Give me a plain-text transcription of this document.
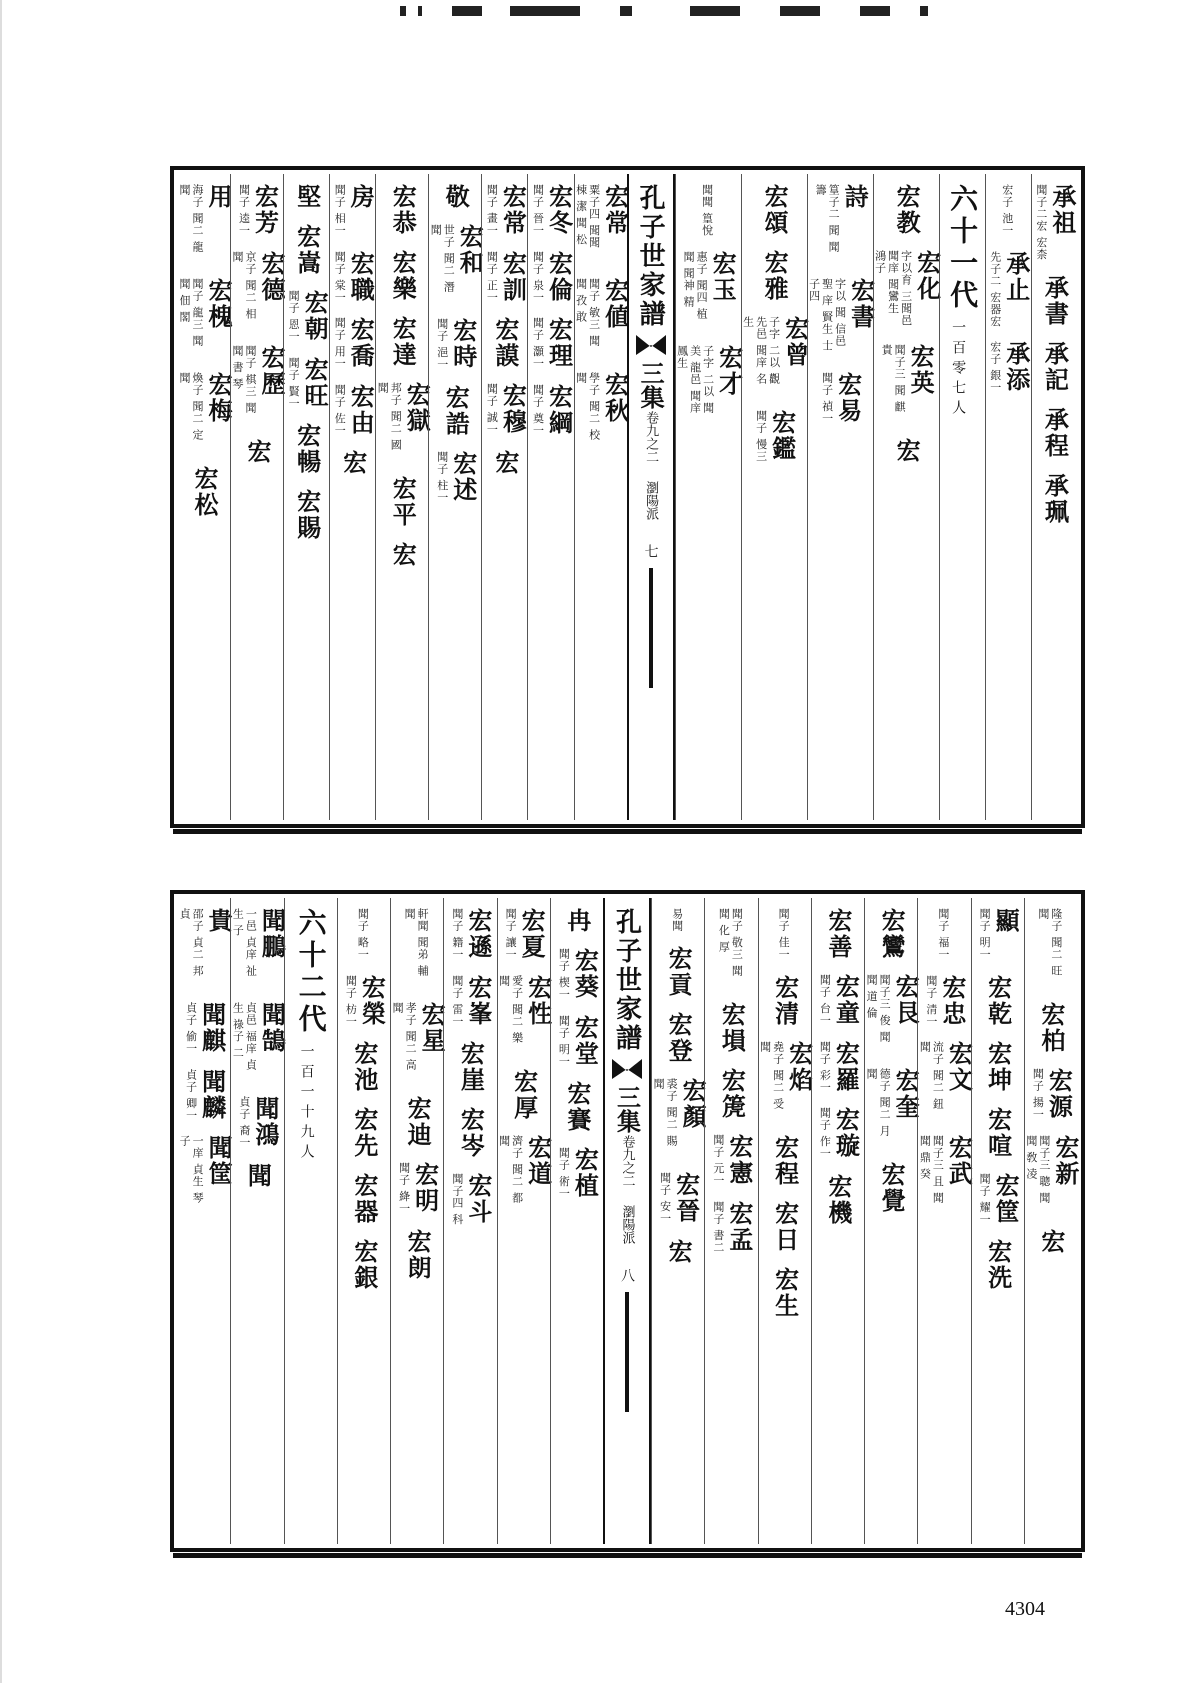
承祖
聞子二宏 宏柰
承書
承記
承程
承珮
宏子 池一
承止
先子二 宏器宏
承添
宏子 銀一
六十一代
一百零七人
宏教
宏化
字以育 三聞邑 聞庠 聞鸞生 鴻子
宏英
聞子三 聞 麒貴
宏
詩
篁子二 聞 聞 籌
宏書
字以 聞 信邑 聖 庠 賢生 士 子四
宏易
聞子 禎一
宏頌
宏雅
宏曾
子字 二以 觀 先邑 聞庠 名生
宏鑑
聞子 慢三
聞聞 篁悅
宏玉
惠子 聞四 植聞 聞神 精
宏才
子字 二以 聞美 龍邑 聞庠 鳳生
孔子世家譜
三集
卷九之二
瀏陽派
七
宏常
粟子四 聞聞 棟 潔 聞 松
宏値
聞子 敏三 聞 聞 孜 敢
宏秋
學子 聞二 校 聞
宏冬
聞子 晉一
宏倫
聞子 泉一
宏理
聞子 灝一
宏綱
聞子 奠一
宏常
聞子 畫一
宏訓
聞子 正一
宏謨
宏穆
聞子 誠一
宏
敬
宏和
世子 聞二 潛 聞
宏時
聞子 浥一
宏誥
宏述
聞子 柱一
宏恭
宏樂
宏達
宏獄
邦子 聞二 國 聞
宏平
宏
房
聞子 相一
宏職
聞子 棠一
宏喬
聞子 用一
宏由
聞子 佐一
宏
堅
宏嵩
宏朝
聞子 恩一
宏旺
聞子 賢一
宏暢
宏賜
宏芳
聞子 逵一
宏德
京子 聞二 相 聞
宏歷
聞子 棋三 聞 聞 書 琴
宏
用
海子 聞二 龍 聞
宏槐
聞子 龍三 聞 聞 佃 閣
宏梅
煥子 聞二 定 聞
宏松
隆子 聞二 旺 聞
宏柏
宏源
聞子 揚一
宏新
聞子三 聰 聞 聞 敎 凌
宏
顯
聞子 明一
宏乾
宏坤
宏喧
宏筐
聞子 耀一
宏洗
聞子 福一
宏忠
聞子 清一
宏文
流子 聞二 鈕 聞
宏武
聞子三 且 聞 聞 鼎 癸
宏鸞
宏艮
聞子三 俊 聞 聞 道 倫
宏奎
德子 聞二 月 聞
宏覺
宏善
宏童
聞子 台一
宏羅
聞子 彩一
宏璇
聞子 作一
宏機
聞子 佳一
宏清
宏焰
堯子 聞二 受 聞
宏程
宏日
宏生
聞子 敬三 聞 聞 化 厚
宏塤
宏箎
宏憲
聞子 元一
宏孟
聞子 書二
易聞
宏貢
宏登
宏顏
裘子 聞二 賜 聞
宏晉
聞子 安一
宏
孔子世家譜
三集
卷九之二
瀏陽派
八
冉
宏葵
聞子 楔一
宏堂
聞子 明一
宏賽
宏植
聞子 術一
宏夏
聞子 讓一
宏性
愛子 聞二 樂 聞
宏厚
宏道
濟子 聞二 都 聞
宏遜
聞子 籍一
宏峯
聞子 雷一
宏崖
宏岑
宏斗
聞子四 科
軒聞 聞弟 輔聞
宏星
孝子 聞二 高 聞
宏迪
宏明
聞子 絳一
宏朗
聞子 略一
宏榮
聞子 枋一
宏池
宏先
宏器
宏銀
六十二代
一百一十九人
聞鵬
一邑 貞庠 祉生 子
聞鵠
貞邑 福庠 貞生 祿子 二
聞鴻
貞子 裔一
聞
貴
邵子 貞二 邦 貞
聞麒
貞子 偷一
聞麟
貞子 卿一
聞筐
一庠 貞生 琴子
4304
